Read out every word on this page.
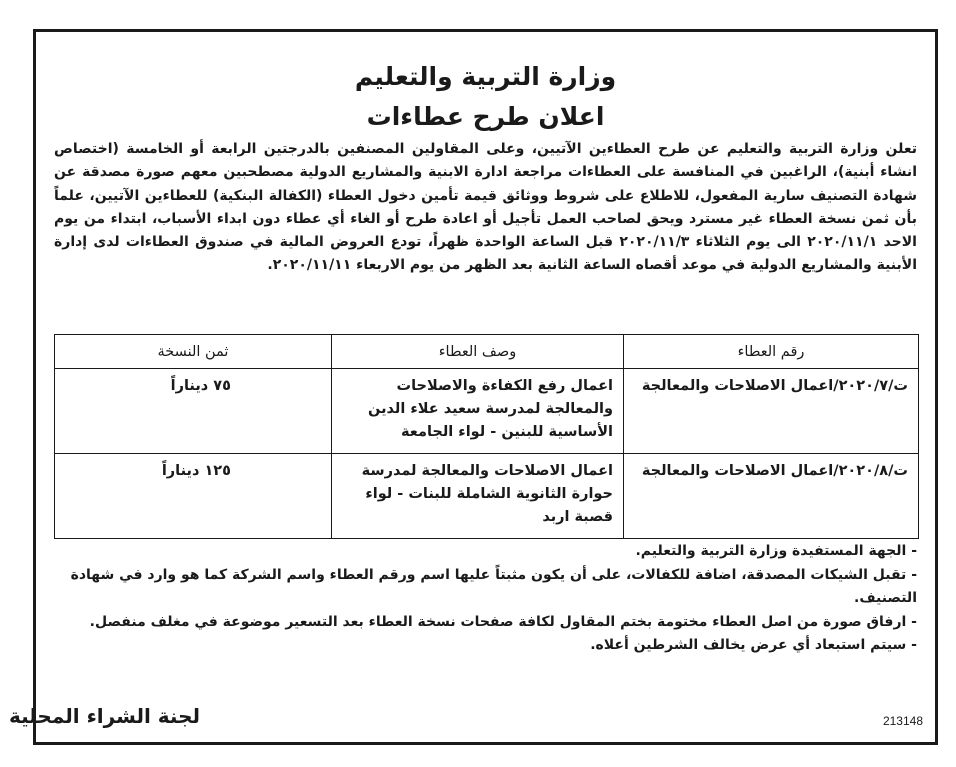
وزارة التربية والتعليم
اعلان طرح عطاءات
تعلن وزارة التربية والتعليم عن طرح العطاءين الآتيين، وعلى المقاولين المصنفين بالدرجتين الرابعة أو الخامسة (اختصاص انشاء أبنية)، الراغبين في المنافسة على العطاءات مراجعة ادارة الابنية والمشاريع الدولية مصطحبين معهم صورة مصدقة عن شهادة التصنيف سارية المفعول، للاطلاع على شروط ووثائق قيمة تأمين دخول العطاء (الكفالة البنكية) للعطاءين الآتيين، علماً بأن ثمن نسخة العطاء غير مسترد ويحق لصاحب العمل تأجيل أو اعادة طرح أو الغاء أي عطاء دون ابداء الأسباب، ابتداء من يوم الاحد ٢٠٢٠/١١/١ الى يوم الثلاثاء ٢٠٢٠/١١/٣ قبل الساعة الواحدة ظهراً، تودع العروض المالية في صندوق العطاءات لدى إدارة الأبنية والمشاريع الدولية في موعد أقصاه الساعة الثانية بعد الظهر من يوم الاربعاء ٢٠٢٠/١١/١١.
رقم العطاء	وصف العطاء	ثمن النسخة
ت/٢٠٢٠/٧/اعمال الاصلاحات والمعالجة	اعمال رفع الكفاءة والاصلاحات والمعالجة لمدرسة سعيد علاء الدين الأساسية للبنين - لواء الجامعة	٧٥ ديناراً
ت/٢٠٢٠/٨/اعمال الاصلاحات والمعالجة	اعمال الاصلاحات والمعالجة لمدرسة حوارة الثانوية الشاملة للبنات - لواء قصبة اربد	١٢٥ ديناراً

- الجهة المستفيدة وزارة التربية والتعليم.

- تقبل الشيكات المصدقة، اضافة للكفالات، على أن يكون مثبتاً عليها اسم ورقم العطاء واسم الشركة كما هو وارد في شهادة التصنيف.

- ارفاق صورة من اصل العطاء مختومة بختم المقاول لكافة صفحات نسخة العطاء بعد التسعير موضوعة في مغلف منفصل.

- سيتم استبعاد أي عرض يخالف الشرطين أعلاه.

لجنة الشراء المحلية	213148
